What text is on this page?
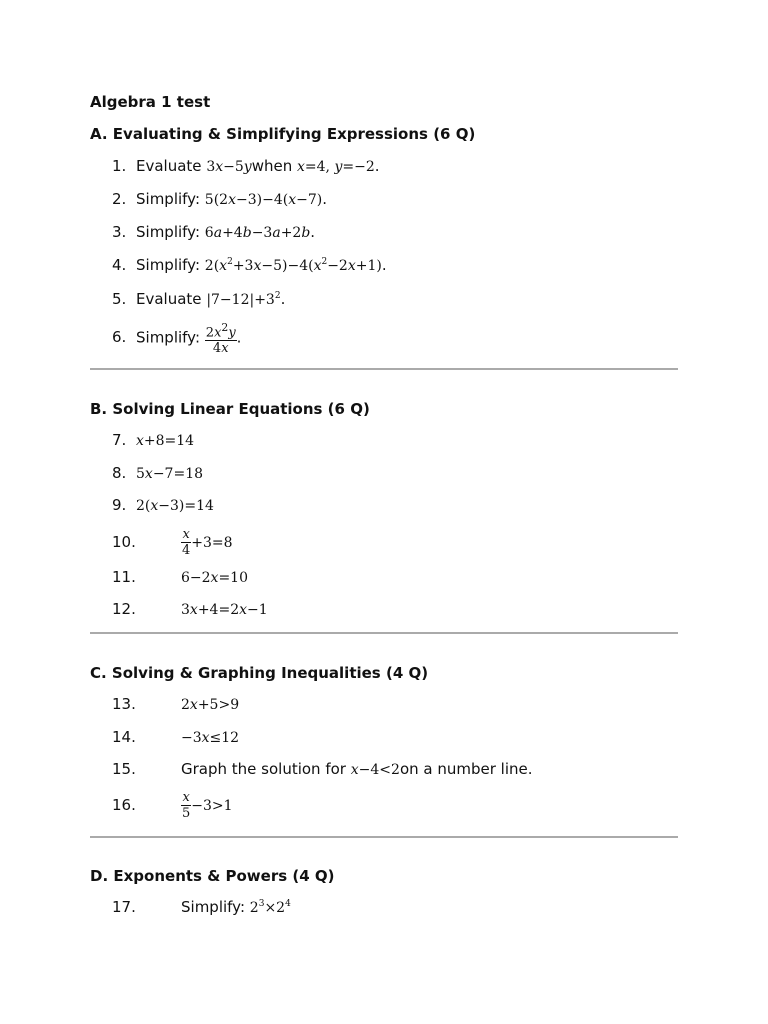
Algebra 1 test
A. Evaluating & Simplifying Expressions (6 Q)
1. Evaluate 3x−5ywhen x=4, y=−2.
2. Simplify: 5(2x−3)−4(x−7).
3. Simplify: 6a+4b−3a+2b.
4. Simplify: $2(x^2+3x-5)-4(x^2-2x+1)$.
5. Evaluate $|7-12|+3^2$.
6. Simplify: $\frac{2x^2y}{4x}$ .
B. Solving Linear Equations (6 Q)
7. x+8=14
8. 5x−7=18
9. 2(x−3)=14
10.	$\frac{x}{4} +3=8$
11.	6−2x=10
12.	3x+4=2x−1
C. Solving & Graphing Inequalities (4 Q)
13.	2x+5>9
14.	−3x≤12
15.	Graph the solution for x−4<2on a number line.
16.	$\frac{x}{5} -3>1$
D. Exponents & Powers (4 Q)
17.	Simplify: $2^3\times 2^4$
